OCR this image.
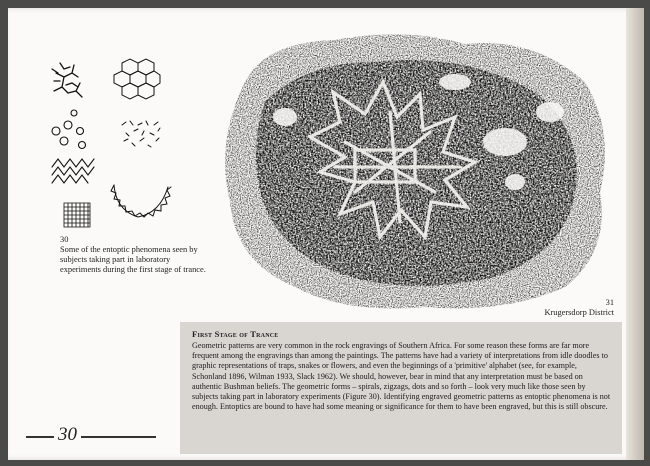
30
Some of the entoptic phenomena seen by subjects taking part in laboratory experiments during the first stage of trance.
31
Krugersdorp District
First Stage of Trance

Geometric patterns are very common in the rock engravings of Southern Africa. For some reason these forms are far more frequent among the engravings than among the paintings. The patterns have had a variety of interpretations from idle doodles to graphic representations of traps, snakes or flowers, and even the beginnings of a 'primitive' alphabet (see, for example, Schonland 1896, Wilman 1933, Slack 1962). We should, however, bear in mind that any interpretation must be based on authentic Bushman beliefs. The geometric forms – spirals, zigzags, dots and so forth – look very much like those seen by subjects taking part in laboratory experiments (Figure 30). Identifying engraved geometric patterns as entoptic phenomena is not enough. Entoptics are bound to have had some meaning or significance for them to have been engraved, but this is still obscure.

30
